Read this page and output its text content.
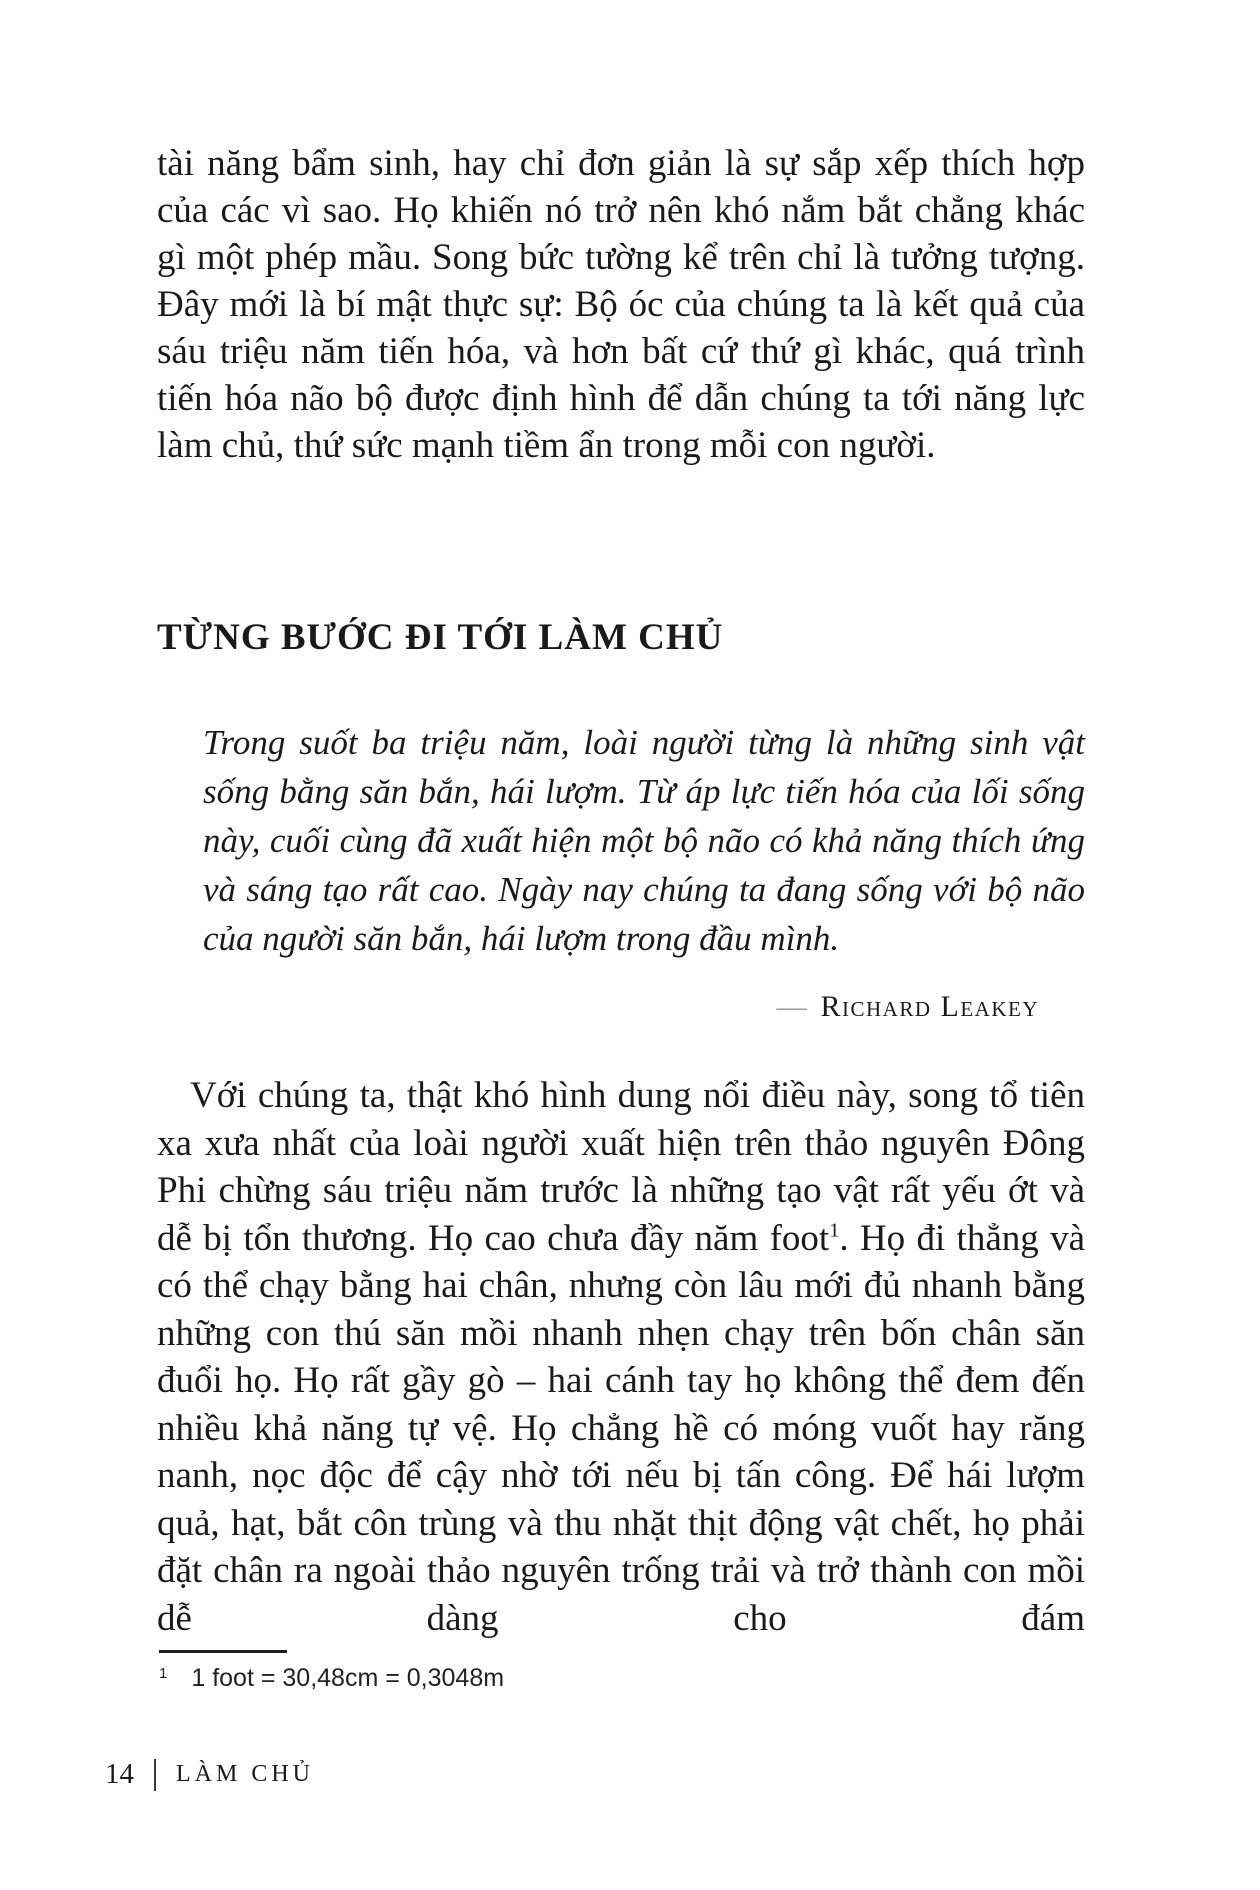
tài năng bẩm sinh, hay chỉ đơn giản là sự sắp xếp thích hợp của các vì sao. Họ khiến nó trở nên khó nắm bắt chẳng khác gì một phép mầu. Song bức tường kể trên chỉ là tưởng tượng. Đây mới là bí mật thực sự: Bộ óc của chúng ta là kết quả của sáu triệu năm tiến hóa, và hơn bất cứ thứ gì khác, quá trình tiến hóa não bộ được định hình để dẫn chúng ta tới năng lực làm chủ, thứ sức mạnh tiềm ẩn trong mỗi con người.

TỪNG BƯỚC ĐI TỚI LÀM CHỦ
Trong suốt ba triệu năm, loài người từng là những sinh vật sống bằng săn bắn, hái lượm. Từ áp lực tiến hóa của lối sống này, cuối cùng đã xuất hiện một bộ não có khả năng thích ứng và sáng tạo rất cao. Ngày nay chúng ta đang sống với bộ não của người săn bắn, hái lượm trong đầu mình.
— Richard Leakey

Với chúng ta, thật khó hình dung nổi điều này, song tổ tiên xa xưa nhất của loài người xuất hiện trên thảo nguyên Đông Phi chừng sáu triệu năm trước là những tạo vật rất yếu ớt và dễ bị tổn thương. Họ cao chưa đầy năm foot$^1$. Họ đi thẳng và có thể chạy bằng hai chân, nhưng còn lâu mới đủ nhanh bằng những con thú săn mồi nhanh nhẹn chạy trên bốn chân săn đuổi họ. Họ rất gầy gò – hai cánh tay họ không thể đem đến nhiều khả năng tự vệ. Họ chẳng hề có móng vuốt hay răng nanh, nọc độc để cậy nhờ tới nếu bị tấn công. Để hái lượm quả, hạt, bắt côn trùng và thu nhặt thịt động vật chết, họ phải đặt chân ra ngoài thảo nguyên trống trải và trở thành con mồi dễ dàng cho đám

1 1 foot = 30,48cm = 0,3048m
14 LÀM CHỦ
